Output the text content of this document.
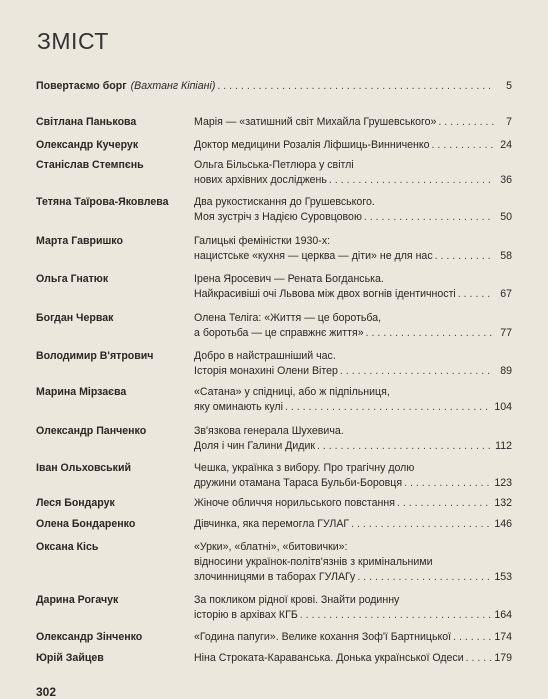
ЗМІСТ
Повертаємо борг (Вахтанг Кіпіані) . . .	5
Світлана Панькова	Марія — «затишний світ Михайла Грушевського» . . .	7
Олександр Кучерук	Доктор медицини Розалія Ліфшиць-Винниченко . . .	24
Станіслав Стемпєнь	Ольга Більська-Петлюра у світлі
нових архівних досліджень . . .	36
Тетяна Таїрова-Яковлева	Два рукостискання до Грушевського.
Моя зустріч з Надією Суровцовою . . .	50
Марта Гавришко	Галицькі феміністки 1930-х:
нацистське «кухня — церква — діти» не для нас . . .	58
Ольга Гнатюк	Ірена Яросевич — Рената Богданська.
Найкрасивіші очі Львова між двох вогнів ідентичності . . .	67
Богдан Червак	Олена Теліга: «Життя — це боротьба,
а боротьба — це справжнє життя» . . .	77
Володимир В'ятрович	Добро в найстрашніший час.
Історія монахині Олени Вітер . . .	89
Марина Мірзаєва	«Сатана» у спідниці, або ж підпільниця,
яку оминають кулі . . .	104
Олександр Панченко	Зв'язкова генерала Шухевича.
Доля і чин Галини Дидик . . .	112
Іван Ольховський	Чешка, українка з вибору. Про трагічну долю
дружини отамана Тараса Бульби-Боровця . . .	123
Леся Бондарук	Жіноче обличчя норильського повстання . . .	132
Олена Бондаренко	Дівчинка, яка перемогла ГУЛАГ . . .	146
Оксана Кісь	«Урки», «блатні», «битовички»:
відносини українок-політв'язнів з кримінальними
злочинницями в таборах ГУЛАГу . . .	153
Дарина Рогачук	За покликом рідної крові. Знайти родинну
історію в архівах КГБ . . .	164
Олександр Зінченко	«Година папуги». Велике кохання Зоф'ї Бартницької . . .	174
Юрій Зайцев	Ніна Строката-Караванська. Донька української Одеси . . .	179
302
